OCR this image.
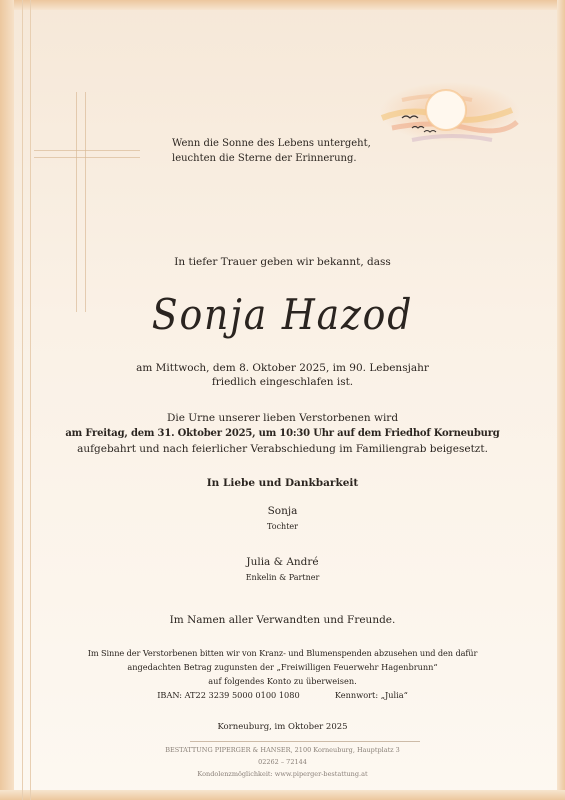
Wenn die Sonne des Lebens untergeht,
leuchten die Sterne der Erinnerung.
In tiefer Trauer geben wir bekannt, dass
Sonja Hazod
am Mittwoch, dem 8. Oktober 2025, im 90. Lebensjahr
friedlich eingeschlafen ist.
Die Urne unserer lieben Verstorbenen wird
am Freitag, dem 31. Oktober 2025, um 10:30 Uhr auf dem Friedhof Korneuburg
aufgebahrt und nach feierlicher Verabschiedung im Familiengrab beigesetzt.
In Liebe und Dankbarkeit
Sonja
Tochter
Julia & André
Enkelin & Partner
Im Namen aller Verwandten und Freunde.
Im Sinne der Verstorbenen bitten wir von Kranz- und Blumenspenden abzusehen und den dafür
angedachten Betrag zugunsten der „Freiwilligen Feuerwehr Hagenbrunn“
auf folgendes Konto zu überweisen.
IBAN: AT22 3239 5000 0100 1080	Kennwort: „Julia“
Korneuburg, im Oktober 2025
BESTATTUNG PIPERGER & HANSER, 2100 Korneuburg, Hauptplatz 3
02262 – 72144
Kondolenzmöglichkeit: www.piperger-bestattung.at
